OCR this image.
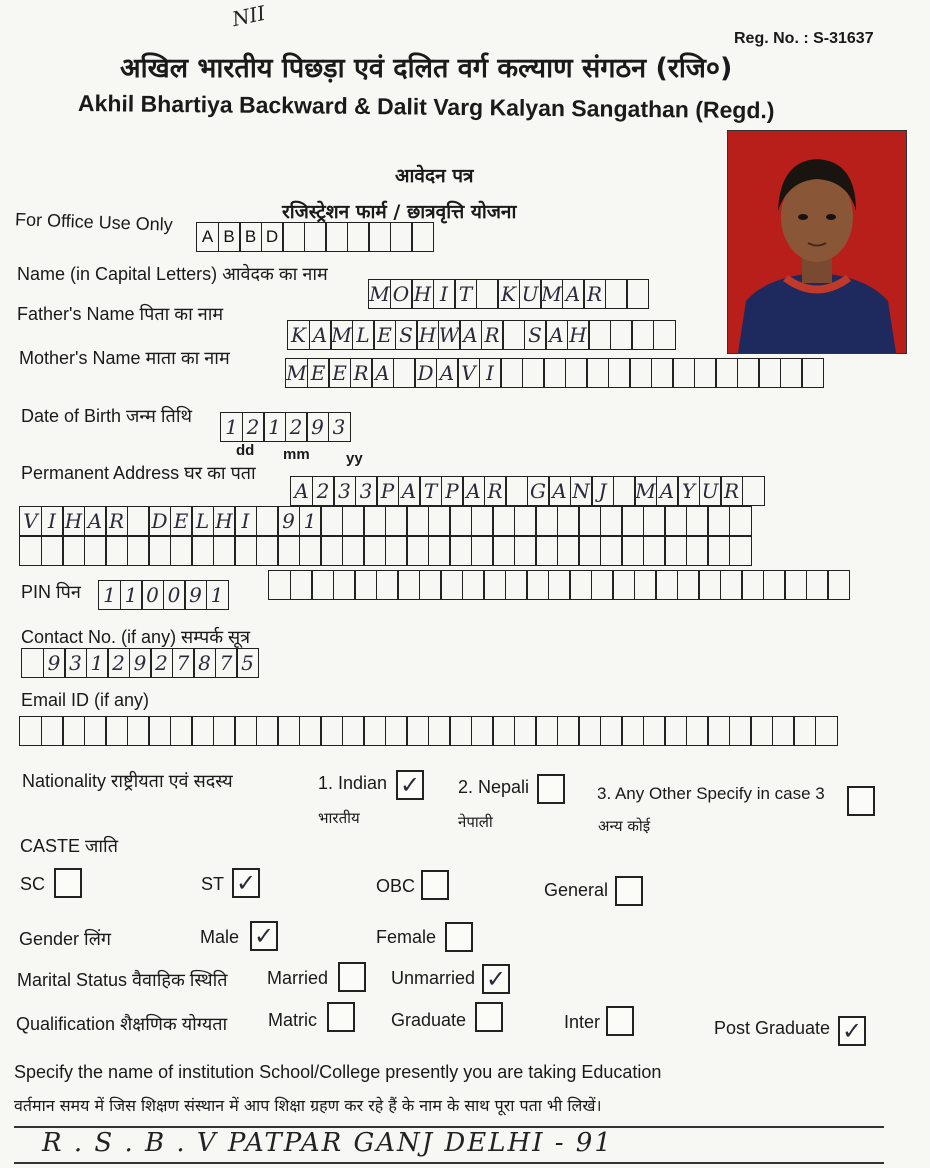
NII
Reg. No. : S-31637
अखिल भारतीय पिछड़ा एवं दलित वर्ग कल्याण संगठन (रजि०)
Akhil Bhartiya Backward & Dalit Varg Kalyan Sangathan (Regd.)
आवेदन पत्र
रजिस्ट्रेशन फार्म / छात्रवृत्ति योजना
For Office Use Only
A B B D
Name (in Capital Letters) आवेदक का नाम
M O H I T K U M A R
Father's Name पिता का नाम
K A M L E S H W A R S A H
Mother's Name माता का नाम
M E E R A D A V I
Date of Birth जन्म तिथि 1 2 1 2 9 3
dd mm yy
Permanent Address घर का पता
A 2 3 3 P A T P A R G A N J	M A Y U R
V I H A R D E L H I	9 1
PIN पिन 1 1 0 0 9 1
Contact No. (if any) सम्पर्क सूत्र
9 3 1 2 9 2 7 8 7 5
Email ID (if any)
Nationality राष्ट्रीयता एवं सदस्य	1. Indian ✓
भारतीय
2. Nepali
नेपाली
3. Any Other Specify in case 3
अन्य कोई
CASTE जाति
SC	ST ✓	OBC	General
Gender लिंग	Male ✓	Female
Marital Status वैवाहिक स्थिति Married	Unmarried ✓
Qualification शैक्षणिक योग्यता Matric	Graduate	Inter	Post Graduate ✓
Specify the name of institution School/College presently you are taking Education
वर्तमान समय में जिस शिक्षण संस्थान में आप शिक्षा ग्रहण कर रहे हैं के नाम के साथ पूरा पता भी लिखें।
R . S . B . V PATPAR GANJ DELHI - 91
